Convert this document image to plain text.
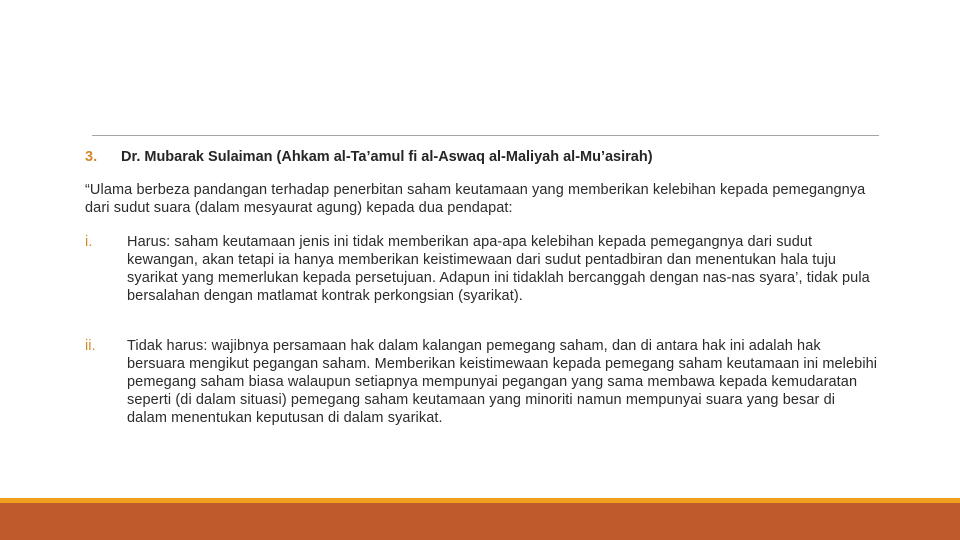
3.	Dr. Mubarak Sulaiman (Ahkam al-Ta’amul fi al-Aswaq al-Maliyah al-Mu’asirah)
“Ulama berbeza pandangan terhadap penerbitan saham keutamaan yang memberikan kelebihan kepada pemegangnya dari sudut suara (dalam mesyaurat agung) kepada dua pendapat:
i.	Harus: saham keutamaan jenis ini tidak memberikan apa-apa kelebihan kepada pemegangnya dari sudut kewangan, akan tetapi ia hanya memberikan keistimewaan dari sudut pentadbiran dan menentukan hala tuju syarikat yang memerlukan kepada persetujuan. Adapun ini tidaklah bercanggah dengan nas-nas syara’, tidak pula bersalahan dengan matlamat kontrak perkongsian (syarikat).
ii.	Tidak harus: wajibnya persamaan hak dalam kalangan pemegang saham, dan di antara hak ini adalah hak bersuara mengikut pegangan saham. Memberikan keistimewaan kepada pemegang saham keutamaan ini melebihi pemegang saham biasa walaupun setiapnya mempunyai pegangan yang sama membawa kepada kemudaratan seperti (di dalam situasi) pemegang saham keutamaan yang minoriti namun mempunyai suara yang besar di dalam menentukan keputusan di dalam syarikat.
